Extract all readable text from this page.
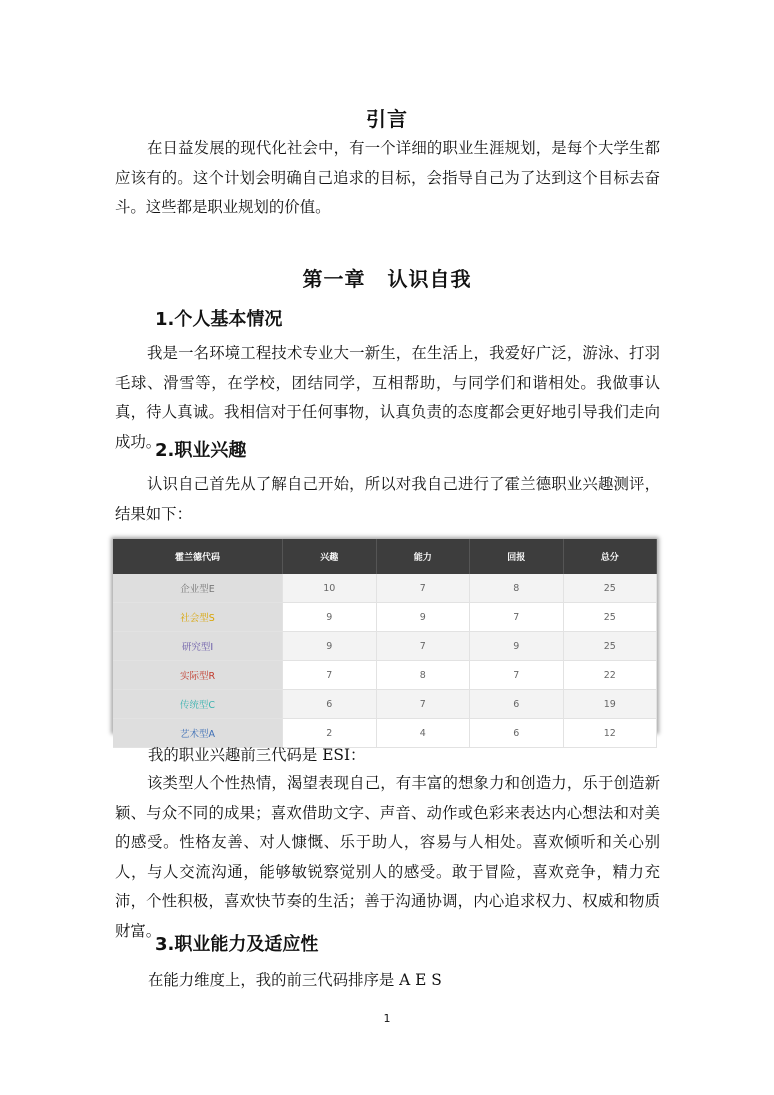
引言

在日益发展的现代化社会中，有一个详细的职业生涯规划，是每个大学生都应该有的。这个计划会明确自己追求的目标，会指导自己为了达到这个目标去奋斗。这些都是职业规划的价值。

第一章 认识自我
1.个人基本情况

我是一名环境工程技术专业大一新生，在生活上，我爱好广泛，游泳、打羽毛球、滑雪等，在学校，团结同学，互相帮助，与同学们和谐相处。我做事认真，待人真诚。我相信对于任何事物，认真负责的态度都会更好地引导我们走向成功。

2.职业兴趣

认识自己首先从了解自己开始，所以对我自己进行了霍兰德职业兴趣测评，结果如下：

霍兰德代码	兴趣	能力	回报	总分
企业型E	10	7	8	25
社会型S	9	9	7	25
研究型I	9	7	9	25
实际型R	7	8	7	22
传统型C	6	7	6	19
艺术型A	2	4	6	12
我的职业兴趣前三代码是 ESI：

该类型人个性热情，渴望表现自己，有丰富的想象力和创造力，乐于创造新颖、与众不同的成果；喜欢借助文字、声音、动作或色彩来表达内心想法和对美的感受。性格友善、对人慷慨、乐于助人，容易与人相处。喜欢倾听和关心别人，与人交流沟通，能够敏锐察觉别人的感受。敢于冒险，喜欢竞争，精力充沛，个性积极，喜欢快节奏的生活；善于沟通协调，内心追求权力、权威和物质财富。

3.职业能力及适应性
在能力维度上，我的前三代码排序是 A E S
1
